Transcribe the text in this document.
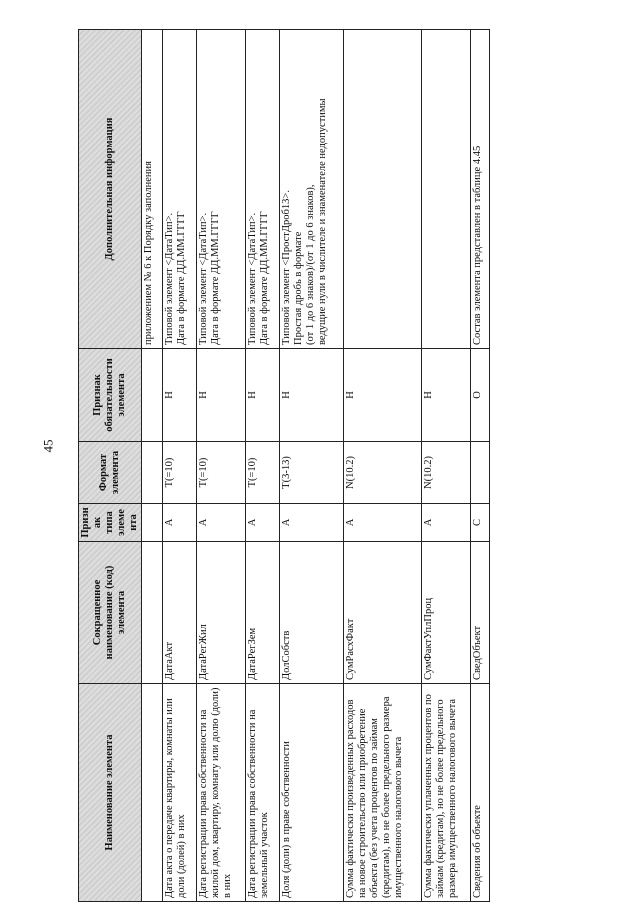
45
Наименование элемента	Сокращенное наименование (код) элемента	Признак типа элемента	Формат элемента	Признак обязательности элемента	Дополнительная информация
					приложением № 6 к Порядку заполнения
Дата акта о передаче квартиры, комнаты или доли (долей) в них	ДатаАкт	А	T(=10)	Н	Типовой элемент <ДатаТип>.
Дата в формате ДД.ММ.ГГГГ
Дата регистрации права собственности на жилой дом, квартиру, комнату или долю (доли) в них	ДатаРегЖил	А	T(=10)	Н	Типовой элемент <ДатаТип>.
Дата в формате ДД.ММ.ГГГГ
Дата регистрации права собственности на земельный участок	ДатаРегЗем	А	T(=10)	Н	Типовой элемент <ДатаТип>.
Дата в формате ДД.ММ.ГГГГ
Доля (доли) в праве собственности	ДолСобств	А	T(3-13)	Н	Типовой элемент <ПростДроб13>.
Простая дробь в формате
(от 1 до 6 знаков)/(от 1 до 6 знаков),
ведущие нули в числителе и знаменателе недопустимы
Сумма фактически произведенных расходов на новое строительство или приобретение объекта (без учета процентов по займам (кредитам), но не более предельного размера имущественного налогового вычета	СумРасхФакт	А	N(10.2)	Н	
Сумма фактически уплаченных процентов по займам (кредитам), но не более предельного размера имущественного налогового вычета	СумФактУплПроц	А	N(10.2)	Н	
Сведения об объекте	СведОбъект	С		О	Состав элемента представлен в таблице 4.45
